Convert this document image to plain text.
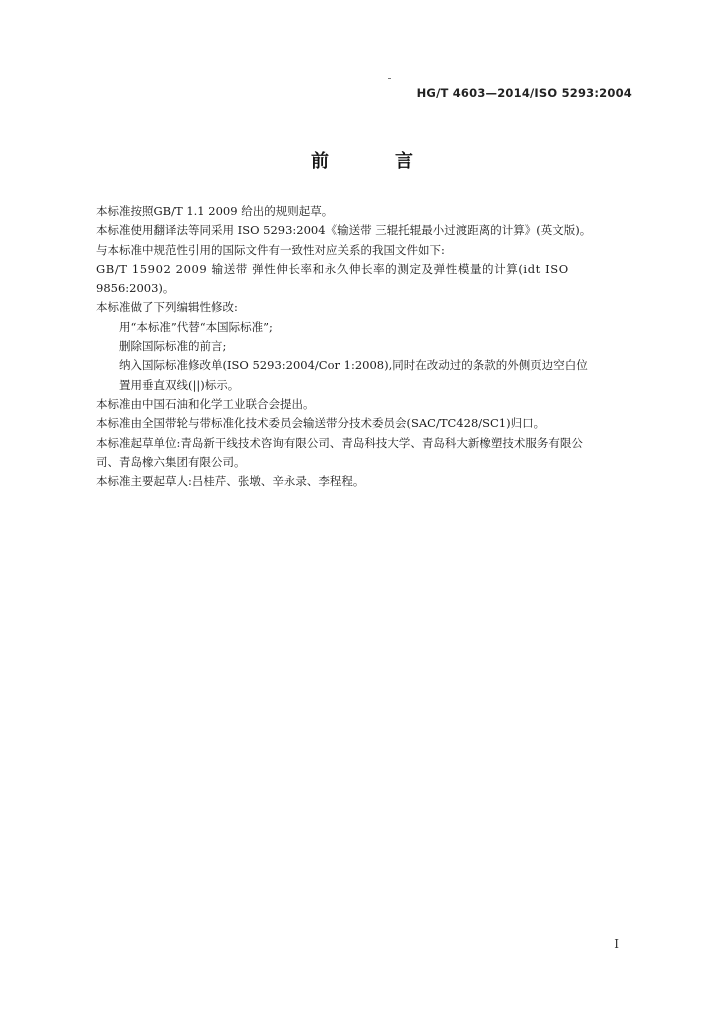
HG/T 4603—2014/ISO 5293:2004
前　言

本标准按照GB/T 1.1 2009 给出的规则起草。

本标准使用翻译法等同采用 ISO 5293:2004《输送带 三辊托辊最小过渡距离的计算》(英文版)。

与本标准中规范性引用的国际文件有一致性对应关系的我国文件如下:

GB/T 15902 2009 输送带 弹性伸长率和永久伸长率的测定及弹性模量的计算(idt ISO

9856:2003)。

本标准做了下列编辑性修改:

用“本标准”代替“本国际标准”;

删除国际标准的前言;

纳入国际标准修改单(ISO 5293:2004/Cor 1:2008),同时在改动过的条款的外侧页边空白位

置用垂直双线(||)标示。

本标准由中国石油和化学工业联合会提出。

本标准由全国带轮与带标准化技术委员会输送带分技术委员会(SAC/TC428/SC1)归口。

本标准起草单位:青岛新干线技术咨询有限公司、青岛科技大学、青岛科大新橡塑技术服务有限公

司、青岛橡六集团有限公司。

本标准主要起草人:吕桂芹、张墩、辛永录、李程程。

I
